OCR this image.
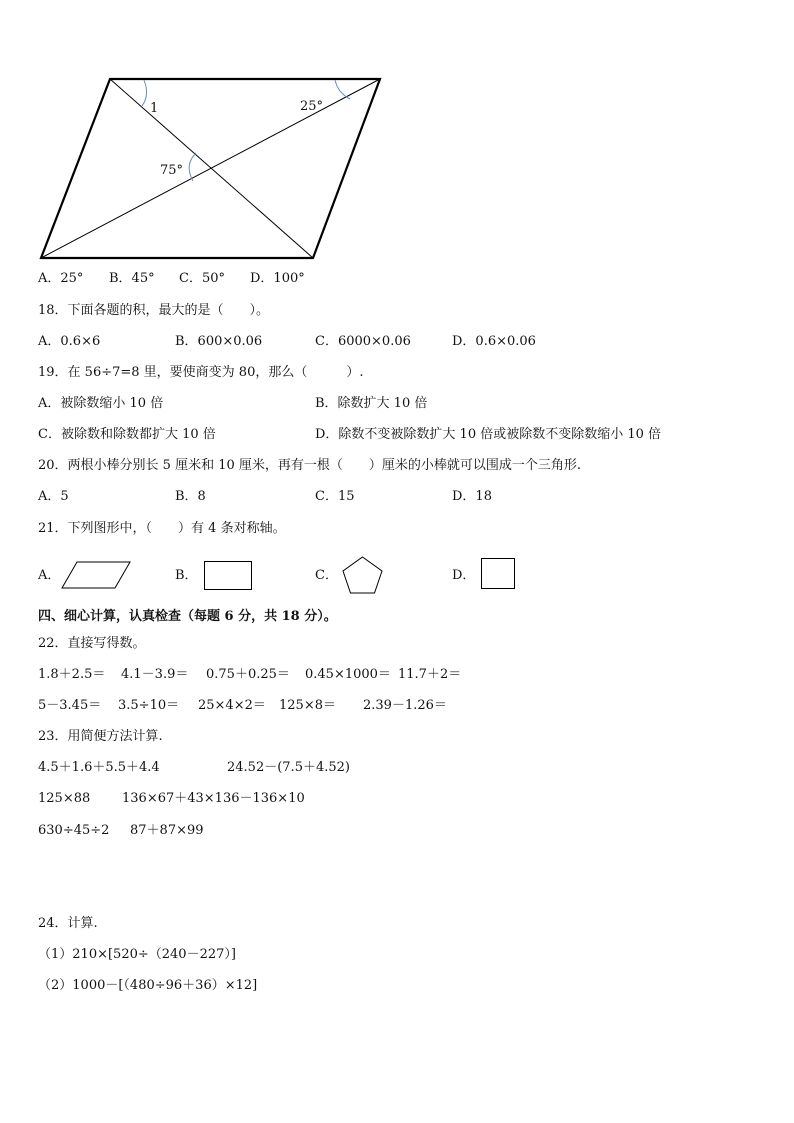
1	25°
75°
A．25° B．45° C．50° D．100°
18．下面各题的积，最大的是（　　）。
A．0.6×6	B．600×0.06	C．6000×0.06	D．0.6×0.06
19．在 56÷7=8 里，要使商变为 80，那么（　　　）.
A．被除数缩小 10 倍	B．除数扩大 10 倍
C．被除数和除数都扩大 10 倍	D．除数不变被除数扩大 10 倍或被除数不变除数缩小 10 倍
20．两根小棒分别长 5 厘米和 10 厘米，再有一根（　　）厘米的小棒就可以围成一个三角形.
A．5	B．8	C．15	D．18
21．下列图形中，（　　）有 4 条对称轴。
A．	B．	C．	D．
四、细心计算，认真检查（每题 6 分，共 18 分）。
22．直接写得数。
1.8＋2.5＝ 4.1－3.9＝ 0.75＋0.25＝ 0.45×1000＝ 11.7＋2＝
5－3.45＝ 3.5÷10＝ 25×4×2＝ 125×8＝ 2.39－1.26＝
23．用简便方法计算.
4.5＋1.6＋5.5＋4.4	24.52－(7.5＋4.52)
125×88 136×67＋43×136－136×10
630÷45÷2 87＋87×99
24．计算.
（1）210×[520÷（240－227）]
（2）1000－[（480÷96＋36）×12]
